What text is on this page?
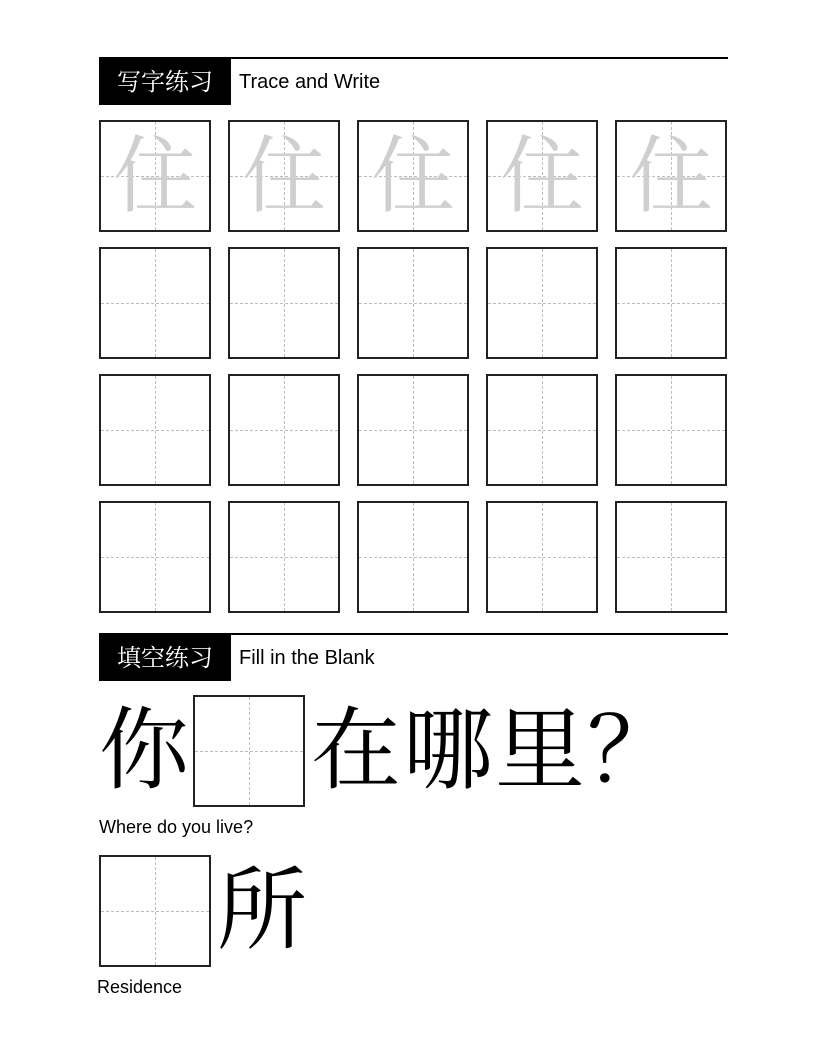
写字练习	Trace and Write
住 住 住 住 住
填空练习	Fill in the Blank
你 在 哪 里 ？
Where do you live?
所
Residence
